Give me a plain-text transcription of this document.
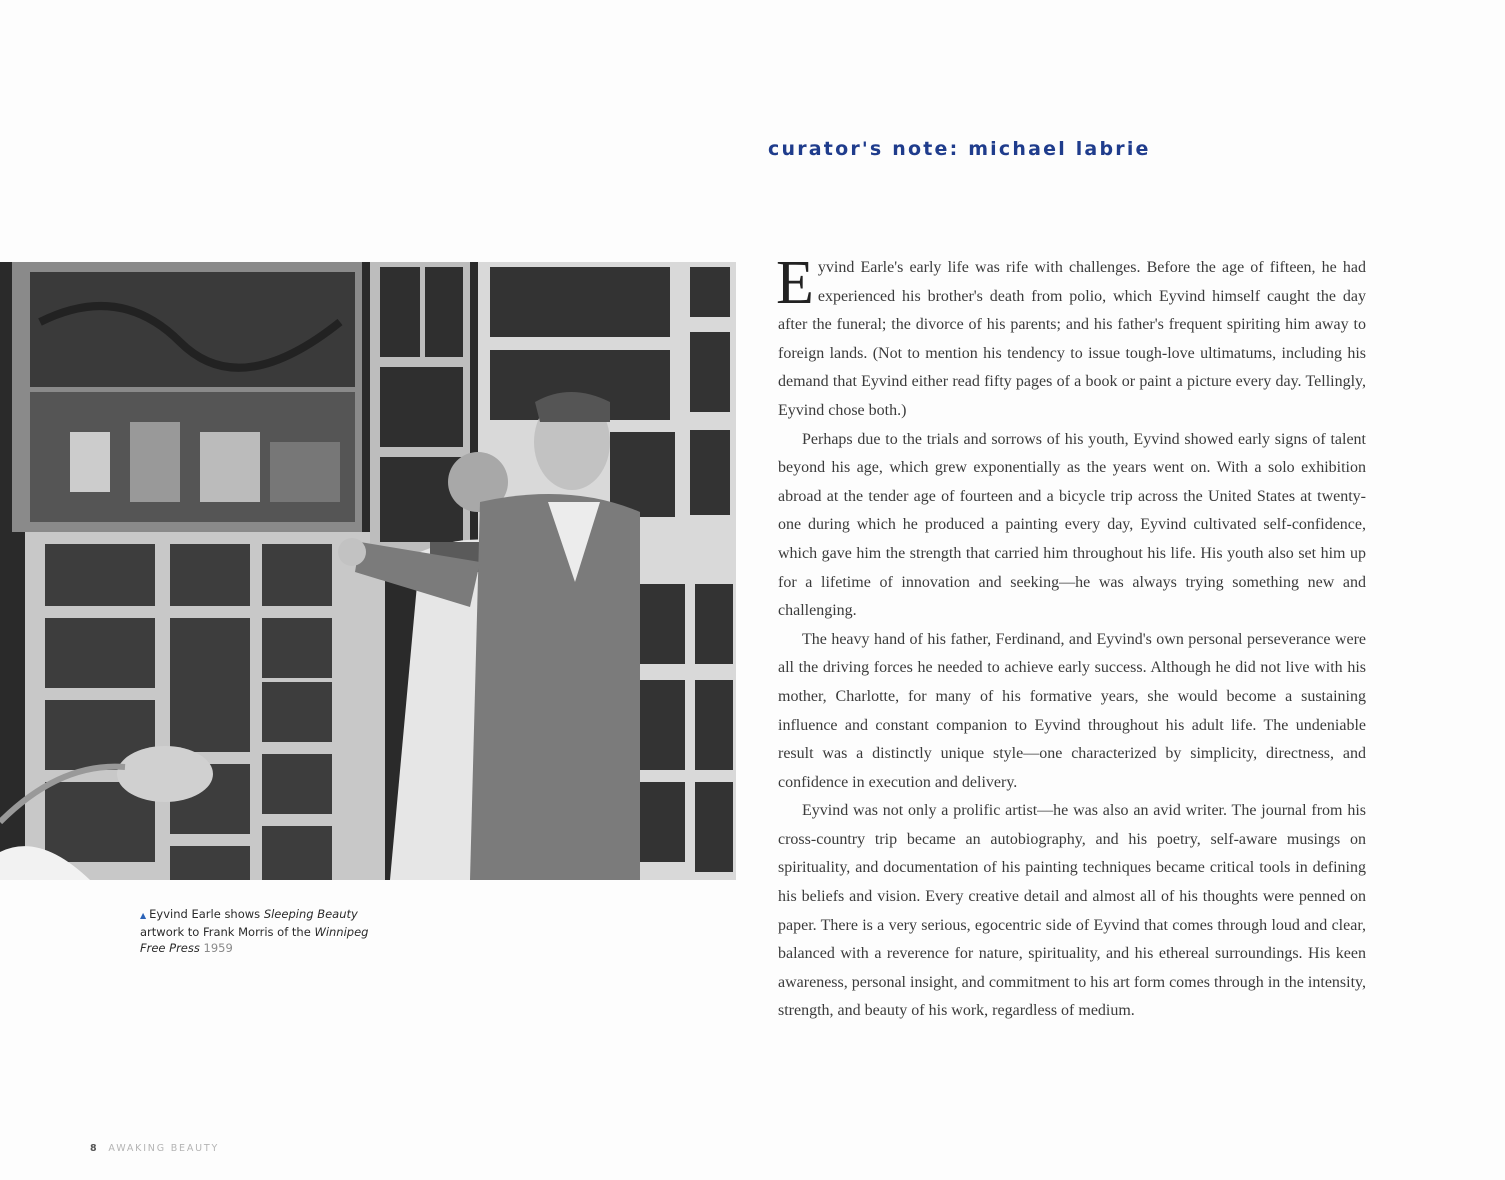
curator's note: michael labrie

▲ Eyvind Earle shows Sleeping Beauty artwork to Frank Morris of the Winnipeg Free Press 1959

Eyvind Earle's early life was rife with challenges. Before the age of fifteen, he had experienced his brother's death from polio, which Eyvind himself caught the day after the funeral; the divorce of his parents; and his father's frequent spiriting him away to foreign lands. (Not to mention his tendency to issue tough-love ultimatums, including his demand that Eyvind either read fifty pages of a book or paint a picture every day. Tellingly, Eyvind chose both.)

Perhaps due to the trials and sorrows of his youth, Eyvind showed early signs of talent beyond his age, which grew exponentially as the years went on. With a solo exhibition abroad at the tender age of fourteen and a bicycle trip across the United States at twenty-one during which he produced a painting every day, Eyvind cultivated self-confidence, which gave him the strength that carried him throughout his life. His youth also set him up for a lifetime of innovation and seeking—he was always trying something new and challenging.

The heavy hand of his father, Ferdinand, and Eyvind's own personal perseverance were all the driving forces he needed to achieve early success. Although he did not live with his mother, Charlotte, for many of his formative years, she would become a sustaining influence and constant companion to Eyvind throughout his adult life. The undeniable result was a distinctly unique style—one characterized by simplicity, directness, and confidence in execution and delivery.

Eyvind was not only a prolific artist—he was also an avid writer. The journal from his cross-country trip became an autobiography, and his poetry, self-aware musings on spirituality, and documentation of his painting techniques became critical tools in defining his beliefs and vision. Every creative detail and almost all of his thoughts were penned on paper. There is a very serious, egocentric side of Eyvind that comes through loud and clear, balanced with a reverence for nature, spirituality, and his ethereal surroundings. His keen awareness, personal insight, and commitment to his art form comes through in the intensity, strength, and beauty of his work, regardless of medium.

8 AWAKING BEAUTY
